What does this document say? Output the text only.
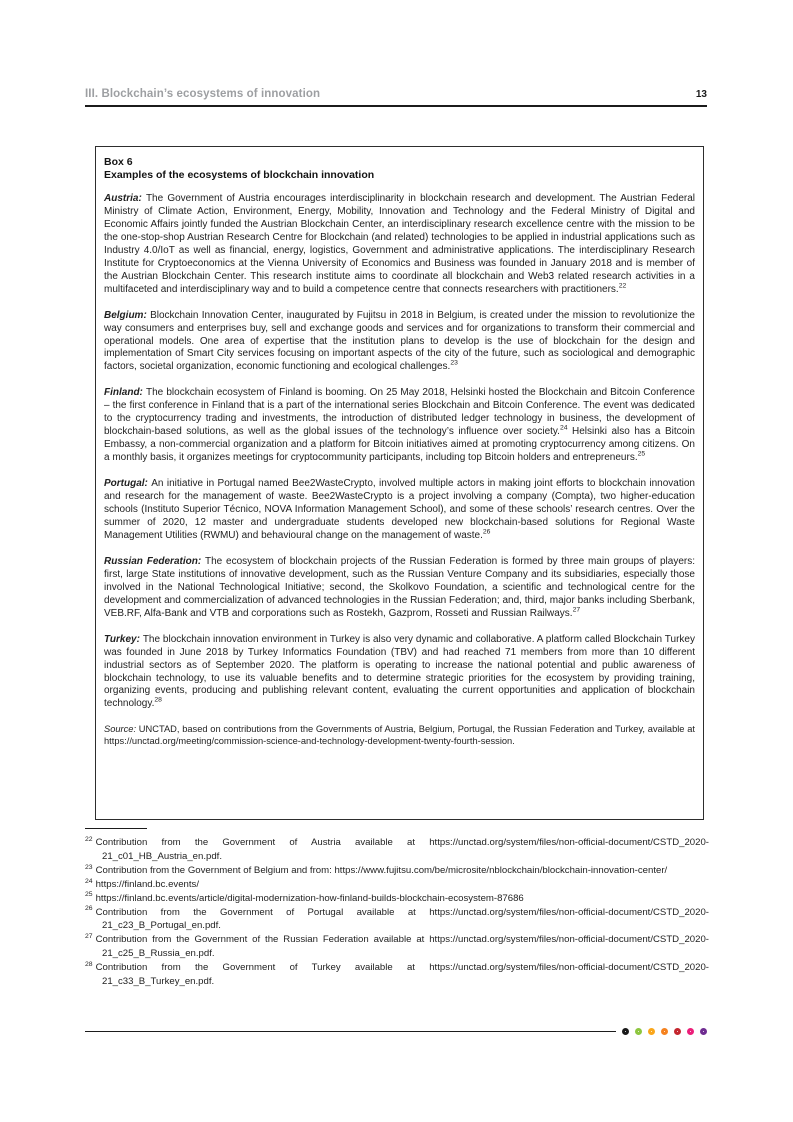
III. Blockchain’s ecosystems of innovation	13
Box 6
Examples of the ecosystems of blockchain innovation

Austria: The Government of Austria encourages interdisciplinarity in blockchain research and development. The Austrian Federal Ministry of Climate Action, Environment, Energy, Mobility, Innovation and Technology and the Federal Ministry of Digital and Economic Affairs jointly funded the Austrian Blockchain Center, an interdisciplinary research excellence centre with the mission to be the one-stop-shop Austrian Research Centre for Blockchain (and related) technologies to be applied in industrial applications such as Industry 4.0/IoT as well as financial, energy, logistics, Government and administrative applications. The interdisciplinary Research Institute for Cryptoeconomics at the Vienna University of Economics and Business was founded in January 2018 and is member of the Austrian Blockchain Center. This research institute aims to coordinate all blockchain and Web3 related research activities in a multifaceted and interdisciplinary way and to build a competence centre that connects researchers with practitioners.$^{22}$

Belgium: Blockchain Innovation Center, inaugurated by Fujitsu in 2018 in Belgium, is created under the mission to revolutionize the way consumers and enterprises buy, sell and exchange goods and services and for organizations to transform their commercial and operational models. One area of expertise that the institution plans to develop is the use of blockchain for the design and implementation of Smart City services focusing on important aspects of the city of the future, such as sociological and demographic factors, societal organization, economic functioning and ecological challenges.$^{23}$

Finland: The blockchain ecosystem of Finland is booming. On 25 May 2018, Helsinki hosted the Blockchain and Bitcoin Conference – the first conference in Finland that is a part of the international series Blockchain and Bitcoin Conference. The event was dedicated to the cryptocurrency trading and investments, the introduction of distributed ledger technology in business, the development of blockchain-based solutions, as well as the global issues of the technology’s influence over society.$^{24}$ Helsinki also has a Bitcoin Embassy, a non-commercial organization and a platform for Bitcoin initiatives aimed at promoting cryptocurrency among citizens. On a monthly basis, it organizes meetings for cryptocommunity participants, including top Bitcoin holders and entrepreneurs.$^{25}$

Portugal: An initiative in Portugal named Bee2WasteCrypto, involved multiple actors in making joint efforts to blockchain innovation and research for the management of waste. Bee2WasteCrypto is a project involving a company (Compta), two higher-education schools (Instituto Superior Técnico, NOVA Information Management School), and some of these schools’ research centres. Over the summer of 2020, 12 master and undergraduate students developed new blockchain-based solutions for Regional Waste Management Utilities (RWMU) and behavioural change on the management of waste.$^{26}$

Russian Federation: The ecosystem of blockchain projects of the Russian Federation is formed by three main groups of players: first, large State institutions of innovative development, such as the Russian Venture Company and its subsidiaries, especially those involved in the National Technological Initiative; second, the Skolkovo Foundation, a scientific and technological centre for the development and commercialization of advanced technologies in the Russian Federation; and, third, major banks including Sberbank, VEB.RF, Alfa-Bank and VTB and corporations such as Rostekh, Gazprom, Rosseti and Russian Railways.$^{27}$

Turkey: The blockchain innovation environment in Turkey is also very dynamic and collaborative. A platform called Blockchain Turkey was founded in June 2018 by Turkey Informatics Foundation (TBV) and had reached 71 members from more than 10 different industrial sectors as of September 2020. The platform is operating to increase the national potential and public awareness of blockchain technology, to use its valuable benefits and to determine strategic priorities for the ecosystem by providing training, organizing events, producing and publishing relevant content, evaluating the current opportunities and application of blockchain technology.$^{28}$

Source: UNCTAD, based on contributions from the Governments of Austria, Belgium, Portugal, the Russian Federation and Turkey, available at https://unctad.org/meeting/commission-science-and-technology-development-twenty-fourth-session.

$^{22}$ Contribution from the Government of Austria available at https://unctad.org/system/files/non-official-document/CSTD_2020-21_c01_HB_Austria_en.pdf.

$^{23}$ Contribution from the Government of Belgium and from: https://www.fujitsu.com/be/microsite/nblockchain/blockchain-innovation-center/

$^{24}$ https://finland.bc.events/

$^{25}$ https://finland.bc.events/article/digital-modernization-how-finland-builds-blockchain-ecosystem-87686

$^{26}$ Contribution from the Government of Portugal available at https://unctad.org/system/files/non-official-document/CSTD_2020-21_c23_B_Portugal_en.pdf.

$^{27}$ Contribution from the Government of the Russian Federation available at https://unctad.org/system/files/non-official-document/CSTD_2020-21_c25_B_Russia_en.pdf.

$^{28}$ Contribution from the Government of Turkey available at https://unctad.org/system/files/non-official-document/CSTD_2020-21_c33_B_Turkey_en.pdf.
